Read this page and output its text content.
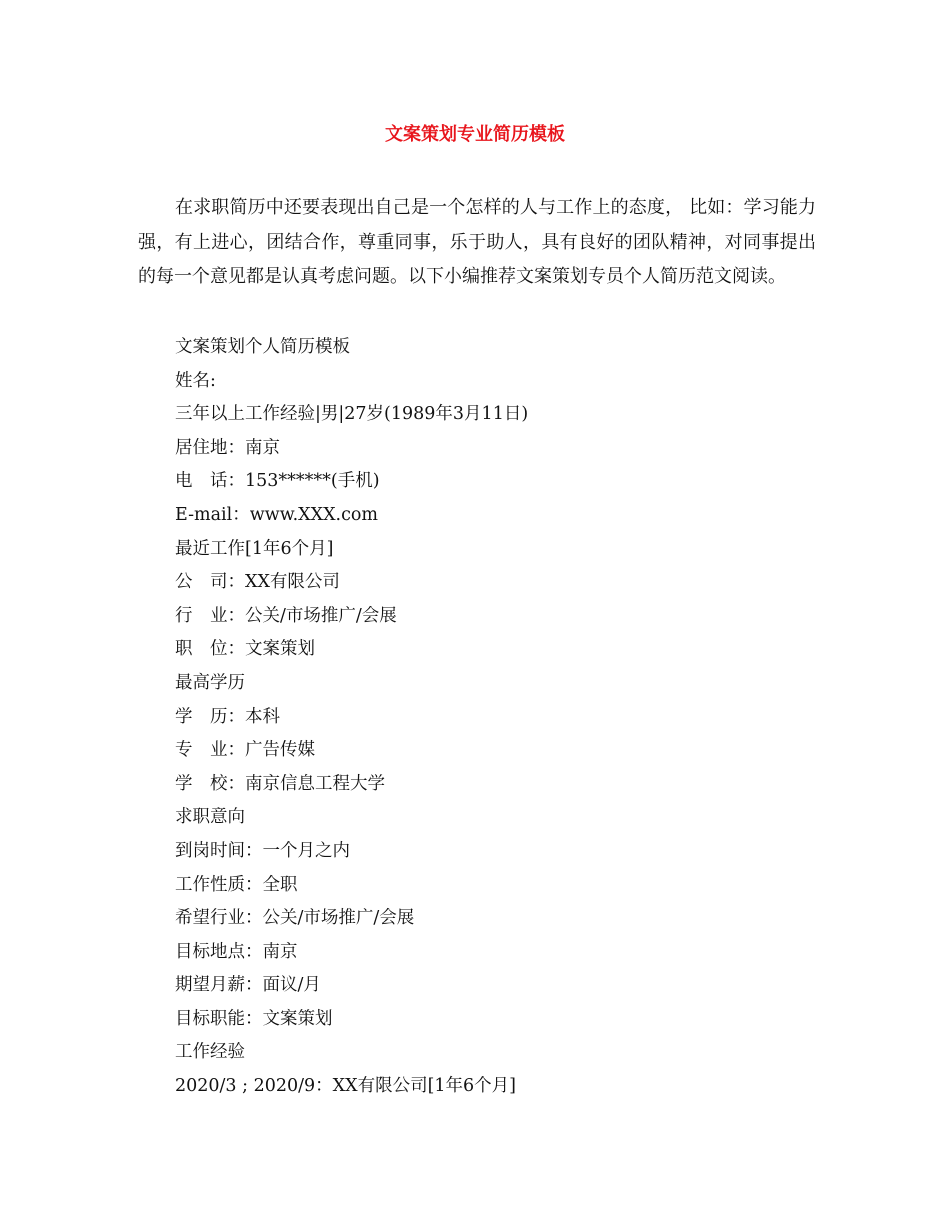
文案策划专业简历模板

在求职简历中还要表现出自己是一个怎样的人与工作上的态度， 比如：学习能力强，有上进心，团结合作，尊重同事，乐于助人，具有良好的团队精神，对同事提出的每一个意见都是认真考虑问题。以下小编推荐文案策划专员个人简历范文阅读。

文案策划个人简历模板
姓名:
三年以上工作经验|男|27岁(1989年3月11日)
居住地：南京
电　话：153******(手机)
E-mail：www.XXX.com
最近工作[1年6个月]
公　司：XX有限公司
行　业：公关/市场推广/会展
职　位：文案策划
最高学历
学　历：本科
专　业：广告传媒
学　校：南京信息工程大学
求职意向
到岗时间：一个月之内
工作性质：全职
希望行业：公关/市场推广/会展
目标地点：南京
期望月薪：面议/月
目标职能：文案策划
工作经验
2020/3 ; 2020/9：XX有限公司[1年6个月]
